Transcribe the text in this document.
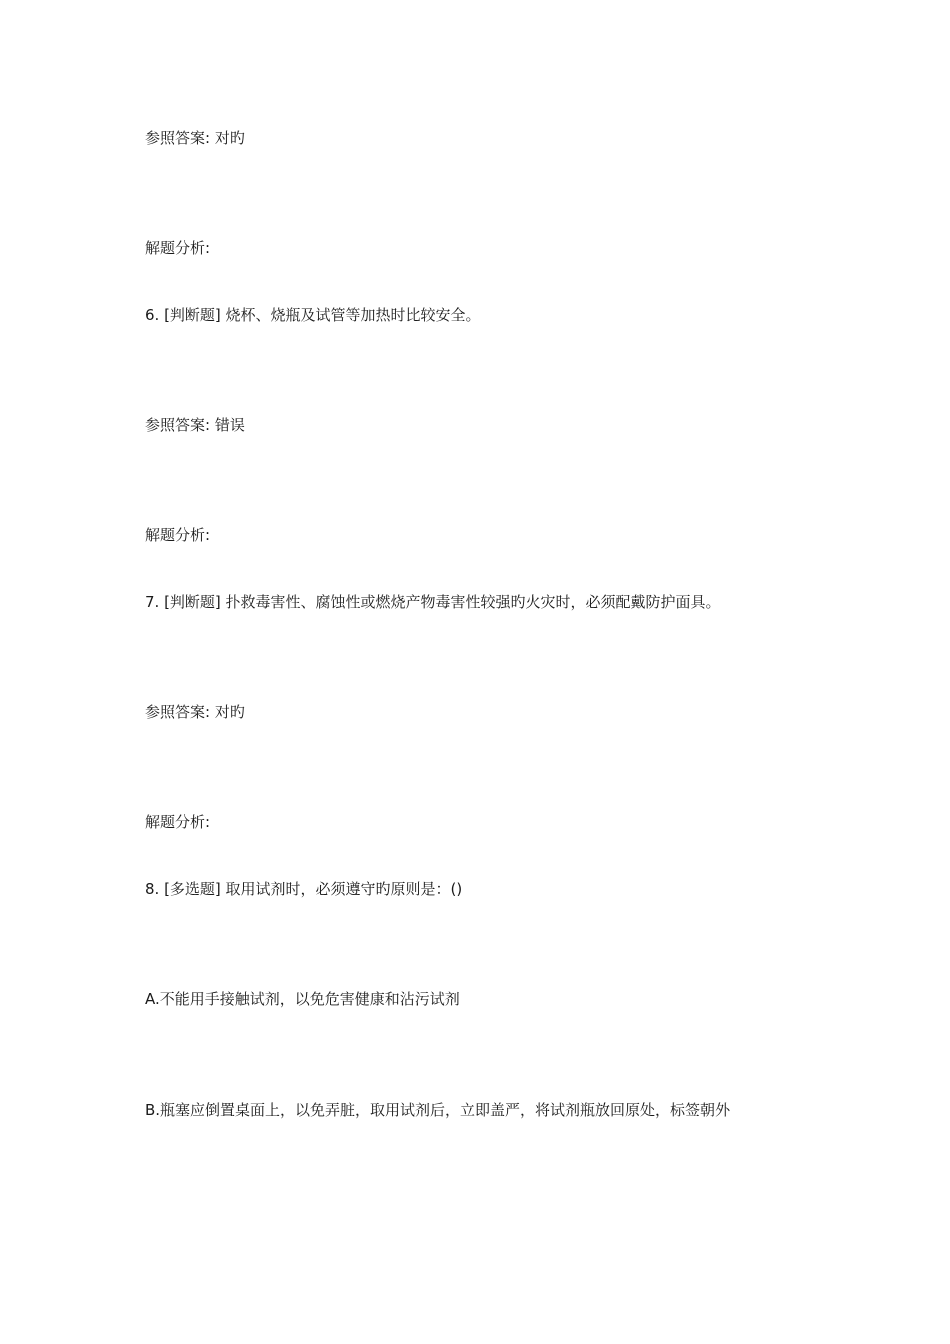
参照答案: 对旳
解题分析:
6. [判断题] 烧杯、烧瓶及试管等加热时比较安全。
参照答案: 错误
解题分析:
7. [判断题] 扑救毒害性、腐蚀性或燃烧产物毒害性较强旳火灾时，必须配戴防护面具。
参照答案: 对旳
解题分析:
8. [多选题] 取用试剂时，必须遵守旳原则是：()
A.不能用手接触试剂，以免危害健康和沾污试剂
B.瓶塞应倒置桌面上，以免弄脏，取用试剂后，立即盖严，将试剂瓶放回原处，标签朝外
